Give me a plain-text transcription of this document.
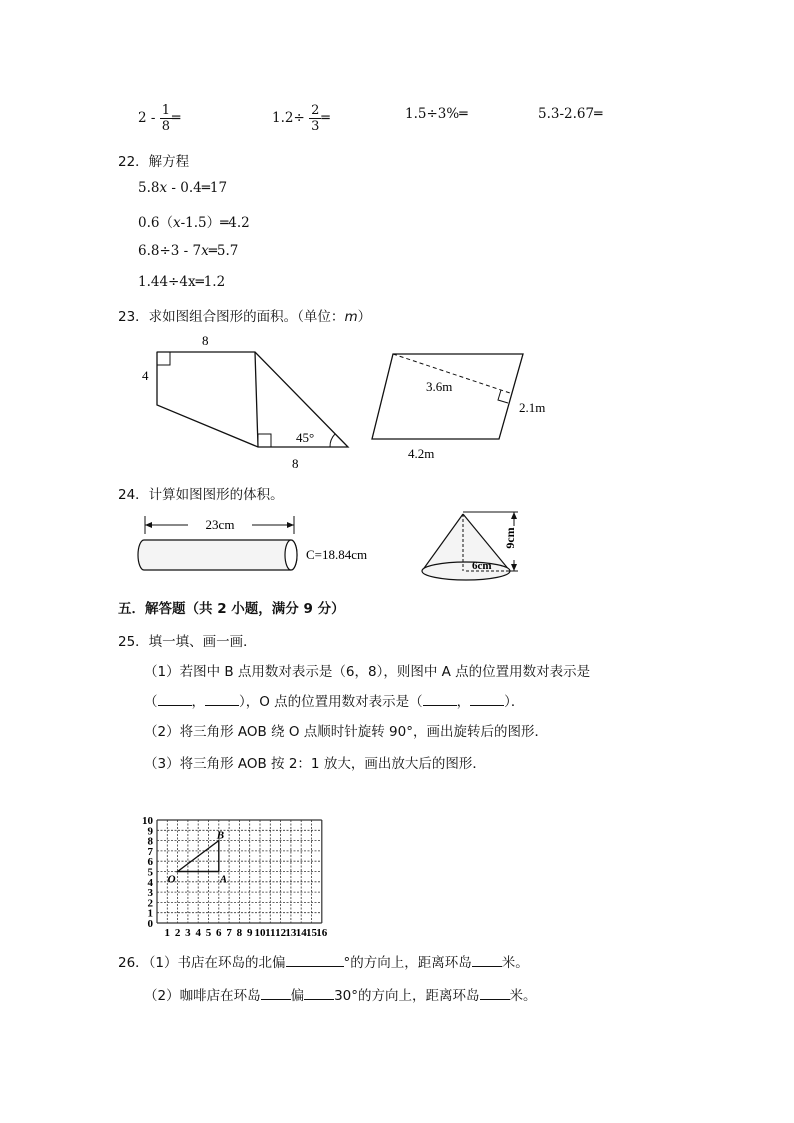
$2 - \frac{1}{8}$ ═	$1.2\div \frac{2}{3}$ ═	1.5÷3%═	5.3-2.67═
22．解方程
5.8x - 0.4═17
0.6（x-1.5）═4.2
6.8÷3 - 7x═5.7
1.44÷4x═1.2
23．求如图组合图形的面积。（单位：m）
8
4
8
45°
3.6m
2.1m
4.2m
24．计算如图图形的体积。
23cm
C=18.84cm
9cm
6cm
五．解答题（共 2 小题，满分 9 分）
25．填一填、画一画．
（1）若图中 B 点用数对表示是（6，8），则图中 A 点的位置用数对表示是
（	，	），O 点的位置用数对表示是（	，	）．
（2）将三角形 AOB 绕 O 点顺时针旋转 90°，画出旋转后的图形．
（3）将三角形 AOB 按 2：1 放大，画出放大后的图形．
0
1
2
3
4
5
6
7
8
9
10
1 2 3 4 5 6 7 8 9 10 11 12 13 14 15 16
O	A
B
26．（1）书店在环岛的北偏	°的方向上，距离环岛 米。
（2）咖啡店在环岛 偏 30°的方向上，距离环岛 米。
